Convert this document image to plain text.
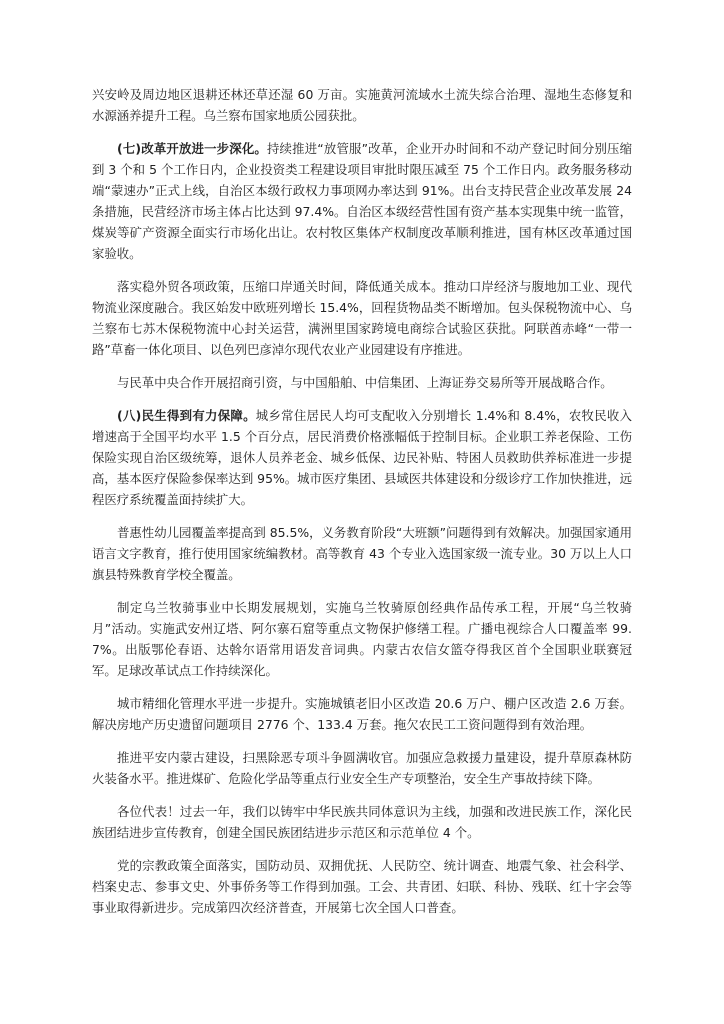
兴安岭及周边地区退耕还林还草还湿 60 万亩。实施黄河流域水土流失综合治理、湿地生态修复和水源涵养提升工程。乌兰察布国家地质公园获批。

(七)改革开放进一步深化。持续推进“放管服”改革，企业开办时间和不动产登记时间分别压缩到 3 个和 5 个工作日内，企业投资类工程建设项目审批时限压减至 75 个工作日内。政务服务移动端“蒙速办”正式上线，自治区本级行政权力事项网办率达到 91%。出台支持民营企业改革发展 24 条措施，民营经济市场主体占比达到 97.4%。自治区本级经营性国有资产基本实现集中统一监管，煤炭等矿产资源全面实行市场化出让。农村牧区集体产权制度改革顺利推进，国有林区改革通过国家验收。

落实稳外贸各项政策，压缩口岸通关时间，降低通关成本。推动口岸经济与腹地加工业、现代物流业深度融合。我区始发中欧班列增长 15.4%，回程货物品类不断增加。包头保税物流中心、乌兰察布七苏木保税物流中心封关运营，满洲里国家跨境电商综合试验区获批。阿联酋赤峰“一带一路”草畜一体化项目、以色列巴彦淖尔现代农业产业园建设有序推进。

与民革中央合作开展招商引资，与中国船舶、中信集团、上海证券交易所等开展战略合作。

(八)民生得到有力保障。城乡常住居民人均可支配收入分别增长 1.4%和 8.4%，农牧民收入增速高于全国平均水平 1.5 个百分点，居民消费价格涨幅低于控制目标。企业职工养老保险、工伤保险实现自治区级统筹，退休人员养老金、城乡低保、边民补贴、特困人员救助供养标准进一步提高，基本医疗保险参保率达到 95%。城市医疗集团、县域医共体建设和分级诊疗工作加快推进，远程医疗系统覆盖面持续扩大。

普惠性幼儿园覆盖率提高到 85.5%，义务教育阶段“大班额”问题得到有效解决。加强国家通用语言文字教育，推行使用国家统编教材。高等教育 43 个专业入选国家级一流专业。30 万以上人口旗县特殊教育学校全覆盖。

制定乌兰牧骑事业中长期发展规划，实施乌兰牧骑原创经典作品传承工程，开展“乌兰牧骑月”活动。实施武安州辽塔、阿尔寨石窟等重点文物保护修缮工程。广播电视综合人口覆盖率 99.7%。出版鄂伦春语、达斡尔语常用语发音词典。内蒙古农信女篮夺得我区首个全国职业联赛冠军。足球改革试点工作持续深化。

城市精细化管理水平进一步提升。实施城镇老旧小区改造 20.6 万户、棚户区改造 2.6 万套。解决房地产历史遗留问题项目 2776 个、133.4 万套。拖欠农民工工资问题得到有效治理。

推进平安内蒙古建设，扫黑除恶专项斗争圆满收官。加强应急救援力量建设，提升草原森林防火装备水平。推进煤矿、危险化学品等重点行业安全生产专项整治，安全生产事故持续下降。

各位代表！过去一年，我们以铸牢中华民族共同体意识为主线，加强和改进民族工作，深化民族团结进步宣传教育，创建全国民族团结进步示范区和示范单位 4 个。

党的宗教政策全面落实，国防动员、双拥优抚、人民防空、统计调查、地震气象、社会科学、档案史志、参事文史、外事侨务等工作得到加强。工会、共青团、妇联、科协、残联、红十字会等事业取得新进步。完成第四次经济普查，开展第七次全国人口普查。
